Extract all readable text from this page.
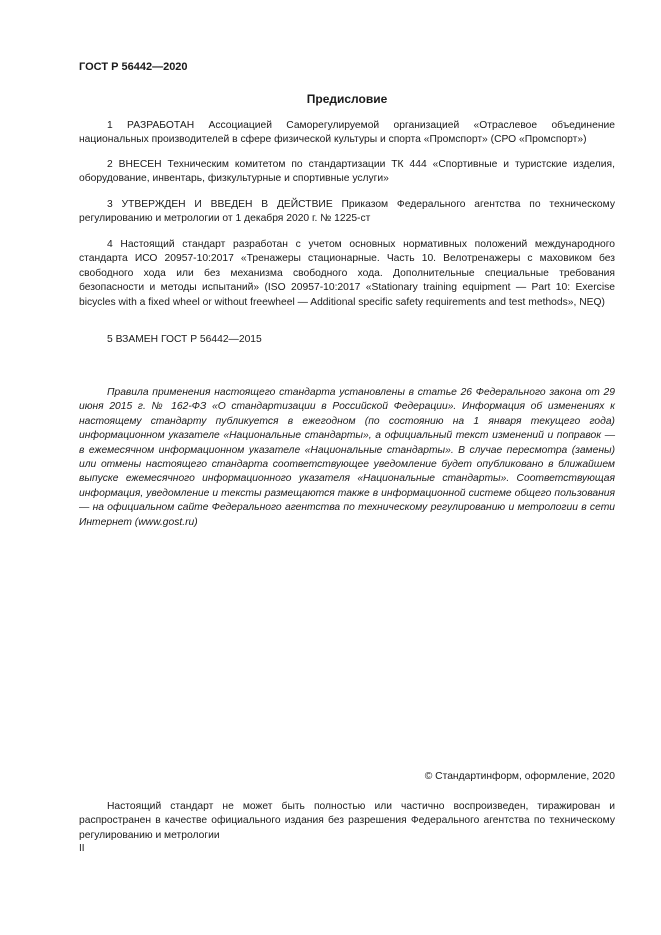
ГОСТ Р 56442—2020
Предисловие

1 РАЗРАБОТАН Ассоциацией Саморегулируемой организацией «Отраслевое объединение национальных производителей в сфере физической культуры и спорта «Промспорт» (СРО «Промспорт»)

2 ВНЕСЕН Техническим комитетом по стандартизации ТК 444 «Спортивные и туристские изделия, оборудование, инвентарь, физкультурные и спортивные услуги»

3 УТВЕРЖДЕН И ВВЕДЕН В ДЕЙСТВИЕ Приказом Федерального агентства по техническому регулированию и метрологии от 1 декабря 2020 г. № 1225-ст

4 Настоящий стандарт разработан с учетом основных нормативных положений международного стандарта ИСО 20957-10:2017 «Тренажеры стационарные. Часть 10. Велотренажеры с маховиком без свободного хода или без механизма свободного хода. Дополнительные специальные требования безопасности и методы испытаний» (ISO 20957-10:2017 «Stationary training equipment — Part 10: Exercise bicycles with a fixed wheel or without freewheel — Additional specific safety requirements and test methods», NEQ)

5 ВЗАМЕН ГОСТ Р 56442—2015

Правила применения настоящего стандарта установлены в статье 26 Федерального закона от 29 июня 2015 г. № 162-ФЗ «О стандартизации в Российской Федерации». Информация об изменениях к настоящему стандарту публикуется в ежегодном (по состоянию на 1 января текущего года) информационном указателе «Национальные стандарты», а официальный текст изменений и поправок — в ежемесячном информационном указателе «Национальные стандарты». В случае пересмотра (замены) или отмены настоящего стандарта соответствующее уведомление будет опубликовано в ближайшем выпуске ежемесячного информационного указателя «Национальные стандарты». Соответствующая информация, уведомление и тексты размещаются также в информационной системе общего пользования — на официальном сайте Федерального агентства по техническому регулированию и метрологии в сети Интернет (www.gost.ru)

© Стандартинформ, оформление, 2020

Настоящий стандарт не может быть полностью или частично воспроизведен, тиражирован и распространен в качестве официального издания без разрешения Федерального агентства по техническому регулированию и метрологии

II
